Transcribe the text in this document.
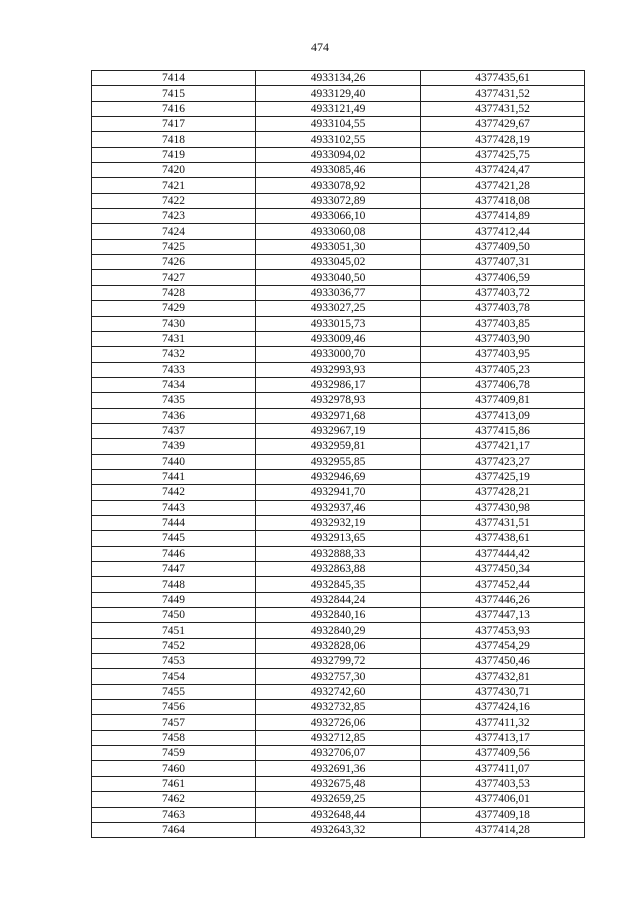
474
7414	4933134,26	4377435,61
7415	4933129,40	4377431,52
7416	4933121,49	4377431,52
7417	4933104,55	4377429,67
7418	4933102,55	4377428,19
7419	4933094,02	4377425,75
7420	4933085,46	4377424,47
7421	4933078,92	4377421,28
7422	4933072,89	4377418,08
7423	4933066,10	4377414,89
7424	4933060,08	4377412,44
7425	4933051,30	4377409,50
7426	4933045,02	4377407,31
7427	4933040,50	4377406,59
7428	4933036,77	4377403,72
7429	4933027,25	4377403,78
7430	4933015,73	4377403,85
7431	4933009,46	4377403,90
7432	4933000,70	4377403,95
7433	4932993,93	4377405,23
7434	4932986,17	4377406,78
7435	4932978,93	4377409,81
7436	4932971,68	4377413,09
7437	4932967,19	4377415,86
7439	4932959,81	4377421,17
7440	4932955,85	4377423,27
7441	4932946,69	4377425,19
7442	4932941,70	4377428,21
7443	4932937,46	4377430,98
7444	4932932,19	4377431,51
7445	4932913,65	4377438,61
7446	4932888,33	4377444,42
7447	4932863,88	4377450,34
7448	4932845,35	4377452,44
7449	4932844,24	4377446,26
7450	4932840,16	4377447,13
7451	4932840,29	4377453,93
7452	4932828,06	4377454,29
7453	4932799,72	4377450,46
7454	4932757,30	4377432,81
7455	4932742,60	4377430,71
7456	4932732,85	4377424,16
7457	4932726,06	4377411,32
7458	4932712,85	4377413,17
7459	4932706,07	4377409,56
7460	4932691,36	4377411,07
7461	4932675,48	4377403,53
7462	4932659,25	4377406,01
7463	4932648,44	4377409,18
7464	4932643,32	4377414,28
